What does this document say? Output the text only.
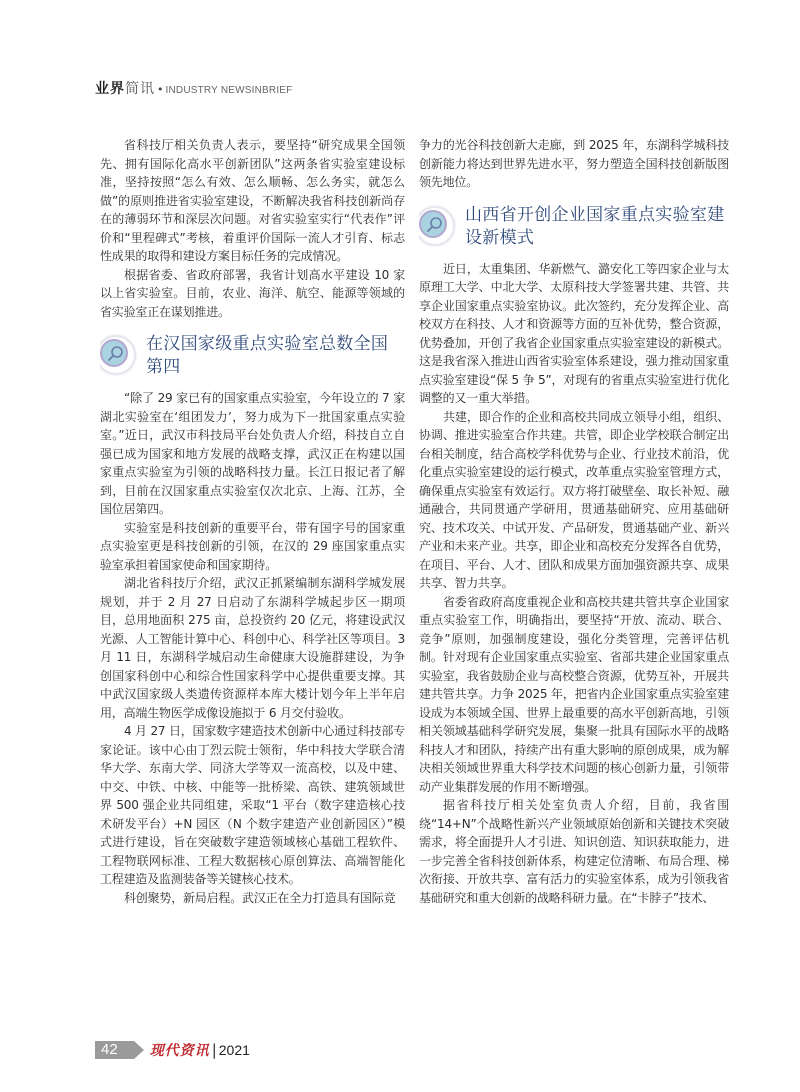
业界简讯 • INDUSTRY NEWSINBRIEF

省科技厅相关负责人表示，要坚持“研究成果全国领先、拥有国际化高水平创新团队”这两条省实验室建设标准，坚持按照“怎么有效、怎么顺畅、怎么务实，就怎么做”的原则推进省实验室建设，不断解决我省科技创新尚存在的薄弱环节和深层次问题。对省实验室实行“代表作”评价和“里程碑式”考核，着重评价国际一流人才引育、标志性成果的取得和建设方案目标任务的完成情况。

根据省委、省政府部署，我省计划高水平建设 10 家以上省实验室。目前，农业、海洋、航空、能源等领域的省实验室正在谋划推进。

在汉国家级重点实验室总数全国第四

“除了 29 家已有的国家重点实验室，今年设立的 7 家湖北实验室在‘组团发力’，努力成为下一批国家重点实验室。”近日，武汉市科技局平台处负责人介绍，科技自立自强已成为国家和地方发展的战略支撑，武汉正在构建以国家重点实验室为引领的战略科技力量。长江日报记者了解到，目前在汉国家重点实验室仅次北京、上海、江苏，全国位居第四。

实验室是科技创新的重要平台，带有国字号的国家重点实验室更是科技创新的引领，在汉的 29 座国家重点实验室承担着国家使命和国家期待。

湖北省科技厅介绍，武汉正抓紧编制东湖科学城发展规划，并于 2 月 27 日启动了东湖科学城起步区一期项目，总用地面积 275 亩，总投资约 20 亿元，将建设武汉光源、人工智能计算中心、科创中心、科学社区等项目。3 月 11 日，东湖科学城启动生命健康大设施群建设，为争创国家科创中心和综合性国家科学中心提供重要支撑。其中武汉国家级人类遗传资源样本库大楼计划今年上半年启用，高端生物医学成像设施拟于 6 月交付验收。

4 月 27 日，国家数字建造技术创新中心通过科技部专家论证。该中心由丁烈云院士领衔，华中科技大学联合清华大学、东南大学、同济大学等双一流高校，以及中建、中交、中铁、中核、中能等一批桥梁、高铁、建筑领域世界 500 强企业共同组建，采取“1 平台（数字建造核心技术研发平台）+N 园区（N 个数字建造产业创新园区）”模式进行建设，旨在突破数字建造领域核心基础工程软件、工程物联网标准、工程大数据核心原创算法、高端智能化工程建造及监测装备等关键核心技术。

科创聚势，新局启程。武汉正在全力打造具有国际竞

争力的光谷科技创新大走廊，到 2025 年，东湖科学城科技创新能力将达到世界先进水平，努力塑造全国科技创新版图领先地位。

山西省开创企业国家重点实验室建设新模式

近日，太重集团、华新燃气、潞安化工等四家企业与太原理工大学、中北大学、太原科技大学签署共建、共管、共享企业国家重点实验室协议。此次签约，充分发挥企业、高校双方在科技、人才和资源等方面的互补优势，整合资源，优势叠加，开创了我省企业国家重点实验室建设的新模式。这是我省深入推进山西省实验室体系建设，强力推动国家重点实验室建设“保 5 争 5”，对现有的省重点实验室进行优化调整的又一重大举措。

共建，即合作的企业和高校共同成立领导小组，组织、协调、推进实验室合作共建。共管，即企业学校联合制定出台相关制度，结合高校学科优势与企业、行业技术前沿，优化重点实验室建设的运行模式，改革重点实验室管理方式，确保重点实验室有效运行。双方将打破壁垒、取长补短、融通融合，共同贯通产学研用，贯通基础研究、应用基础研究、技术攻关、中试开发、产品研发，贯通基础产业、新兴产业和未来产业。共享，即企业和高校充分发挥各自优势，在项目、平台、人才、团队和成果方面加强资源共享、成果共享、智力共享。

省委省政府高度重视企业和高校共建共管共享企业国家重点实验室工作，明确指出，要坚持“开放、流动、联合、竞争”原则，加强制度建设，强化分类管理，完善评估机制。针对现有企业国家重点实验室、省部共建企业国家重点实验室，我省鼓励企业与高校整合资源，优势互补，开展共建共管共享。力争 2025 年，把省内企业国家重点实验室建设成为本领域全国、世界上最重要的高水平创新高地，引领相关领域基础科学研究发展，集聚一批具有国际水平的战略科技人才和团队，持续产出有重大影响的原创成果，成为解决相关领域世界重大科学技术问题的核心创新力量，引领带动产业集群发展的作用不断增强。

据省科技厅相关处室负责人介绍，目前，我省围绕“14+N”个战略性新兴产业领域原始创新和关键技术突破需求，将全面提升人才引进、知识创造、知识获取能力，进一步完善全省科技创新体系，构建定位清晰、布局合理、梯次衔接、开放共享、富有活力的实验室体系，成为引领我省基础研究和重大创新的战略科研力量。在“卡脖子”技术、

42	现代资讯 | 2021
